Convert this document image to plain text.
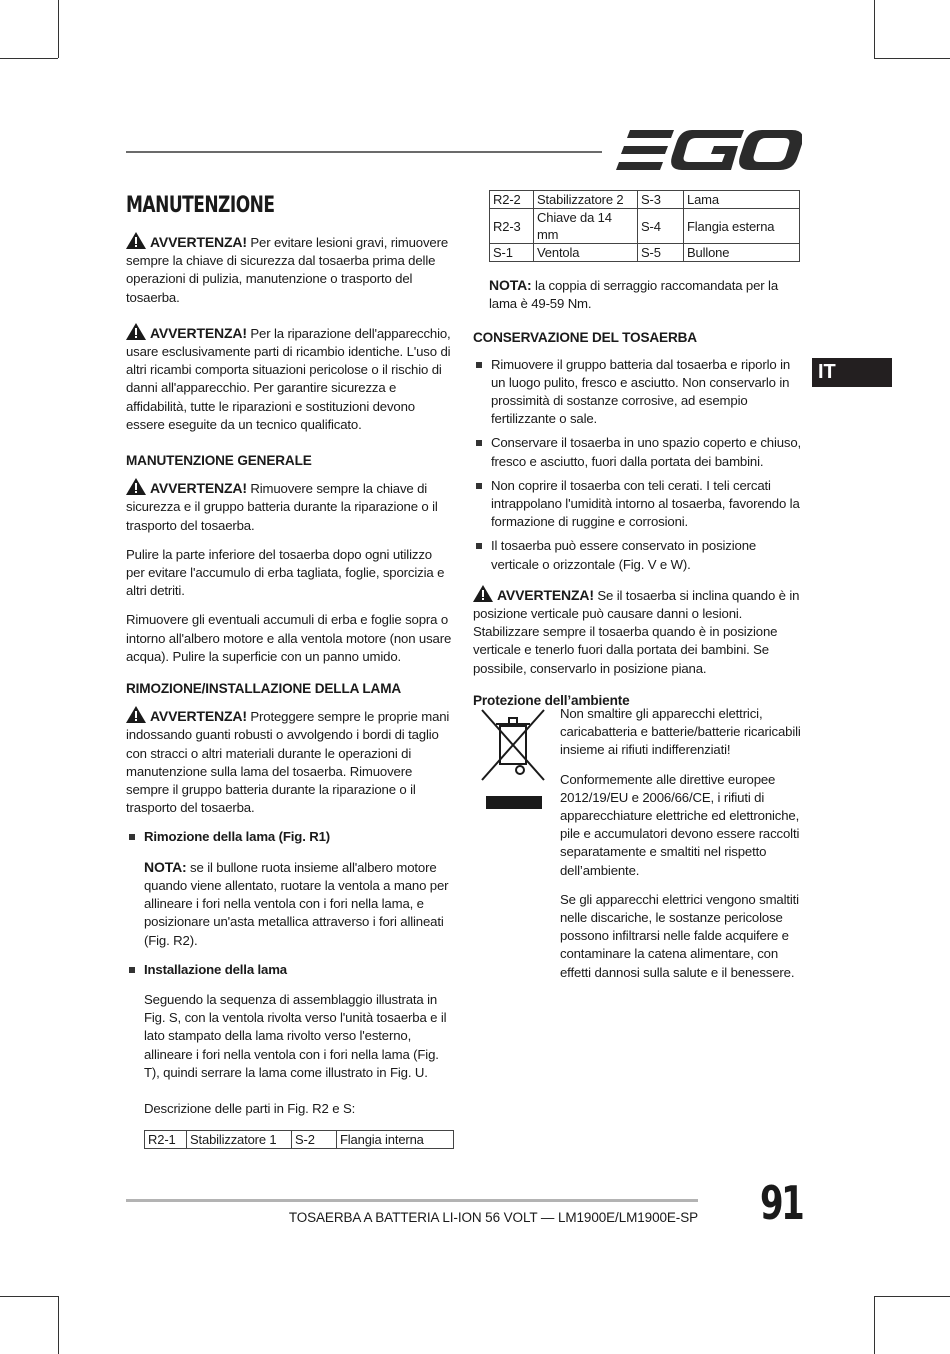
IT
MANUTENZIONE

AVVERTENZA! Per evitare lesioni gravi, rimuovere sempre la chiave di sicurezza dal tosaerba prima delle operazioni di pulizia, manutenzione o trasporto del tosaerba.

AVVERTENZA! Per la riparazione dell'apparecchio, usare esclusivamente parti di ricambio identiche. L'uso di altri ricambi comporta situazioni pericolose o il rischio di danni all'apparecchio. Per garantire sicurezza e affidabilità, tutte le riparazioni e sostituzioni devono essere eseguite da un tecnico qualificato.

MANUTENZIONE GENERALE

AVVERTENZA! Rimuovere sempre la chiave di sicurezza e il gruppo batteria durante la riparazione o il trasporto del tosaerba.

Pulire la parte inferiore del tosaerba dopo ogni utilizzo per evitare l'accumulo di erba tagliata, foglie, sporcizia e altri detriti.

Rimuovere gli eventuali accumuli di erba e foglie sopra o intorno all'albero motore e alla ventola motore (non usare acqua). Pulire la superficie con un panno umido.

RIMOZIONE/INSTALLAZIONE DELLA LAMA

AVVERTENZA! Proteggere sempre le proprie mani indossando guanti robusti o avvolgendo i bordi di taglio con stracci o altri materiali durante le operazioni di manutenzione sulla lama del tosaerba. Rimuovere sempre il gruppo batteria durante la riparazione o il trasporto del tosaerba.

Rimozione della lama (Fig. R1)

NOTA: se il bullone ruota insieme all'albero motore quando viene allentato, ruotare la ventola a mano per allineare i fori nella ventola con i fori nella lama, e posizionare un'asta metallica attraverso i fori allineati (Fig. R2).

Installazione della lama

Seguendo la sequenza di assemblaggio illustrata in Fig. S, con la ventola rivolta verso l'unità tosaerba e il lato stampato della lama rivolto verso l'esterno, allineare i fori nella ventola con i fori nella lama (Fig. T), quindi serrare la lama come illustrato in Fig. U.

Descrizione delle parti in Fig. R2 e S:

R2-1	Stabilizzatore 1	S-2	Flangia interna
R2-2	Stabilizzatore 2	S-3	Lama
R2-3	Chiave da 14 mm	S-4	Flangia esterna
S-1	Ventola	S-5	Bullone

NOTA: la coppia di serraggio raccomandata per la lama è 49-59 Nm.

CONSERVAZIONE DEL TOSAERBA
Rimuovere il gruppo batteria dal tosaerba e riporlo in un luogo pulito, fresco e asciutto. Non conservarlo in prossimità di sostanze corrosive, ad esempio fertilizzante o sale.
Conservare il tosaerba in uno spazio coperto e chiuso, fresco e asciutto, fuori dalla portata dei bambini.
Non coprire il tosaerba con teli cerati. I teli cercati intrappolano l'umidità intorno al tosaerba, favorendo la formazione di ruggine e corrosioni.
Il tosaerba può essere conservato in posizione verticale o orizzontale (Fig. V e W).

AVVERTENZA! Se il tosaerba si inclina quando è in posizione verticale può causare danni o lesioni. Stabilizzare sempre il tosaerba quando è in posizione verticale e tenerlo fuori dalla portata dei bambini. Se possibile, conservarlo in posizione piana.

Protezione dell’ambiente

Non smaltire gli apparecchi elettrici, caricabatteria e batterie/batterie ricaricabili insieme ai rifiuti indifferenziati!

Conformemente alle direttive europee 2012/19/EU e 2006/66/CE, i rifiuti di apparecchiature elettriche ed elettroniche, pile e accumulatori devono essere raccolti separatamente e smaltiti nel rispetto dell’ambiente.

Se gli apparecchi elettrici vengono smaltiti nelle discariche, le sostanze pericolose possono infiltrarsi nelle falde acquifere e contaminare la catena alimentare, con effetti dannosi sulla salute e il benessere.

TOSAERBA A BATTERIA LI-ION 56 VOLT — LM1900E/LM1900E-SP 91
